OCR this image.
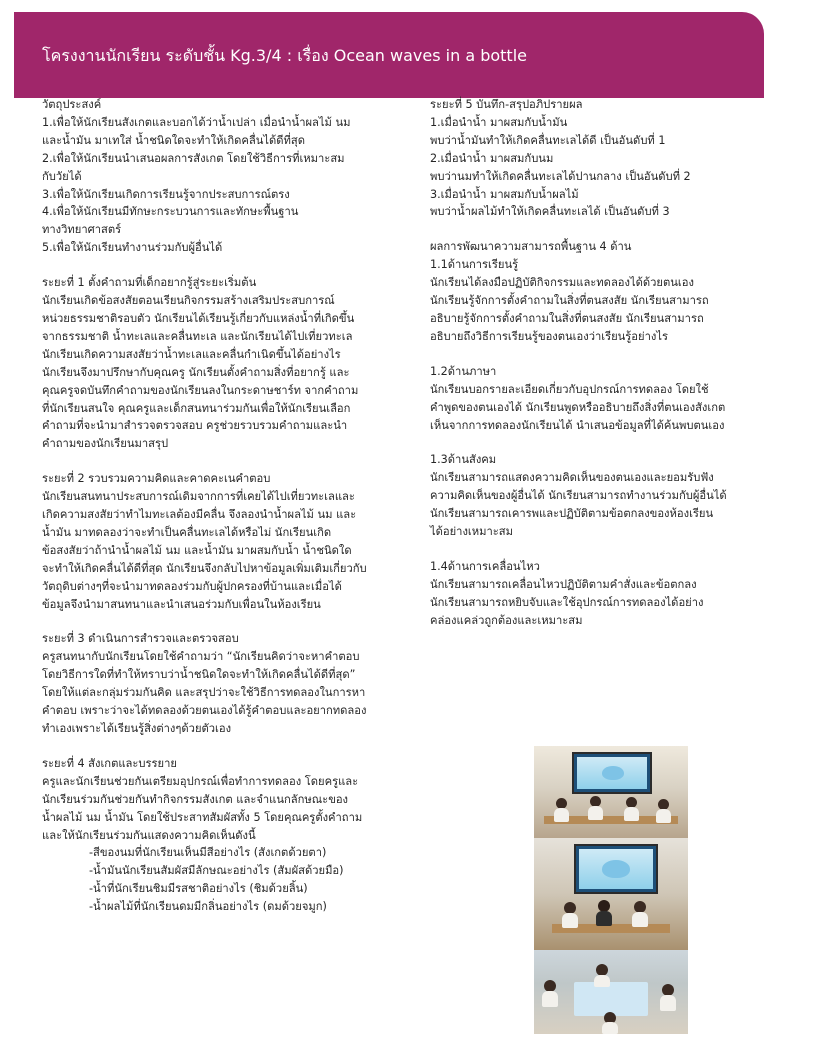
โครงงานนักเรียน ระดับชั้น Kg.3/4 : เรื่อง Ocean waves in a bottle

วัตถุประสงค์

1.เพื่อให้นักเรียนสังเกตและบอกได้ว่าน้ำเปล่า เมื่อนำน้ำผลไม้ นม

และน้ำมัน มาเทใส่ น้ำชนิดใดจะทำให้เกิดคลื่นได้ดีที่สุด

2.เพื่อให้นักเรียนนำเสนอผลการสังเกต โดยใช้วิธีการที่เหมาะสม

กับวัยได้

3.เพื่อให้นักเรียนเกิดการเรียนรู้จากประสบการณ์ตรง

4.เพื่อให้นักเรียนมีทักษะกระบวนการและทักษะพื้นฐาน

ทางวิทยาศาสตร์

5.เพื่อให้นักเรียนทำงานร่วมกับผู้อื่นได้

ระยะที่ 1 ตั้งคำถามที่เด็กอยากรู้สู่ระยะเริ่มต้น

นักเรียนเกิดข้อสงสัยตอนเรียนกิจกรรมสร้างเสริมประสบการณ์

หน่วยธรรมชาติรอบตัว นักเรียนได้เรียนรู้เกี่ยวกับแหล่งน้ำที่เกิดขึ้น

จากธรรมชาติ น้ำทะเลและคลื่นทะเล และนักเรียนได้ไปเที่ยวทะเล

นักเรียนเกิดความสงสัยว่าน้ำทะเลและคลื่นกำเนิดขึ้นได้อย่างไร

นักเรียนจึงมาปรึกษากับคุณครู นักเรียนตั้งคำถามสิ่งที่อยากรู้ และ

คุณครูจดบันทึกคำถามของนักเรียนลงในกระดาษชาร์ท จากคำถาม

ที่นักเรียนสนใจ คุณครูและเด็กสนทนาร่วมกันเพื่อให้นักเรียนเลือก

คำถามที่จะนำมาสำรวจตรวจสอบ ครูช่วยรวบรวมคำถามและนำ

คำถามของนักเรียนมาสรุป

ระยะที่ 2 รวบรวมความคิดและคาดคะเนคำตอบ

นักเรียนสนทนาประสบการณ์เดิมจากการที่เคยได้ไปเที่ยวทะเลและ

เกิดความสงสัยว่าทำไมทะเลต้องมีคลื่น จึงลองนำน้ำผลไม้ นม และ

น้ำมัน มาทดลองว่าจะทำเป็นคลื่นทะเลได้หรือไม่ นักเรียนเกิด

ข้อสงสัยว่าถ้านำน้ำผลไม้ นม และน้ำมัน มาผสมกับน้ำ น้ำชนิดใด

จะทำให้เกิดคลื่นได้ดีที่สุด นักเรียนจึงกลับไปหาข้อมูลเพิ่มเติมเกี่ยวกับ

วัตถุดิบต่างๆที่จะนำมาทดลองร่วมกับผู้ปกครองที่บ้านและเมื่อได้

ข้อมูลจึงนำมาสนทนาและนำเสนอร่วมกับเพื่อนในห้องเรียน

ระยะที่ 3 ดำเนินการสำรวจและตรวจสอบ

ครูสนทนากับนักเรียนโดยใช้คำถามว่า “นักเรียนคิดว่าจะหาคำตอบ

โดยวิธีการใดที่ทำให้ทราบว่าน้ำชนิดใดจะทำให้เกิดคลื่นได้ดีที่สุด”

โดยให้แต่ละกลุ่มร่วมกันคิด และสรุปว่าจะใช้วิธีการทดลองในการหา

คำตอบ เพราะว่าจะได้ทดลองด้วยตนเองได้รู้คำตอบและอยากทดลอง

ทำเองเพราะได้เรียนรู้สิ่งต่างๆด้วยตัวเอง

ระยะที่ 4 สังเกตและบรรยาย

ครูและนักเรียนช่วยกันเตรียมอุปกรณ์เพื่อทำการทดลอง โดยครูและ

นักเรียนร่วมกันช่วยกันทำกิจกรรมสังเกต และจำแนกลักษณะของ

น้ำผลไม้ นม น้ำมัน โดยใช้ประสาทสัมผัสทั้ง 5 โดยคุณครูตั้งคำถาม

และให้นักเรียนร่วมกันแสดงความคิดเห็นดังนี้

-สีของนมที่นักเรียนเห็นมีสีอย่างไร (สังเกตด้วยตา)

-น้ำมันนักเรียนสัมผัสมีลักษณะอย่างไร (สัมผัสด้วยมือ)

-น้ำที่นักเรียนชิมมีรสชาติอย่างไร (ชิมด้วยลิ้น)

-น้ำผลไม้ที่นักเรียนดมมีกลิ่นอย่างไร (ดมด้วยจมูก)

ระยะที่ 5 บันทึก-สรุปอภิปรายผล

1.เมื่อนำน้ำ มาผสมกับน้ำมัน

พบว่าน้ำมันทำให้เกิดคลื่นทะเลได้ดี เป็นอันดับที่ 1

2.เมื่อนำน้ำ มาผสมกับนม

พบว่านมทำให้เกิดคลื่นทะเลได้ปานกลาง เป็นอันดับที่ 2

3.เมื่อนำน้ำ มาผสมกับน้ำผลไม้

พบว่าน้ำผลไม้ทำให้เกิดคลื่นทะเลได้ เป็นอันดับที่ 3

ผลการพัฒนาความสามารถพื้นฐาน 4 ด้าน

1.1ด้านการเรียนรู้

นักเรียนได้ลงมือปฏิบัติกิจกรรมและทดลองได้ด้วยตนเอง

นักเรียนรู้จักการตั้งคำถามในสิ่งที่ตนสงสัย นักเรียนสามารถ

อธิบายรู้จักการตั้งคำถามในสิ่งที่ตนสงสัย นักเรียนสามารถ

อธิบายถึงวิธีการเรียนรู้ของตนเองว่าเรียนรู้อย่างไร

1.2ด้านภาษา

นักเรียนบอกรายละเอียดเกี่ยวกับอุปกรณ์การทดลอง โดยใช้

คำพูดของตนเองได้ นักเรียนพูดหรืออธิบายถึงสิ่งที่ตนเองสังเกต

เห็นจากการทดลองนักเรียนได้ นำเสนอข้อมูลที่ได้ค้นพบตนเอง

1.3ด้านสังคม

นักเรียนสามารถแสดงความคิดเห็นของตนเองและยอมรับฟัง

ความคิดเห็นของผู้อื่นได้ นักเรียนสามารถทำงานร่วมกับผู้อื่นได้

นักเรียนสามารถเคารพและปฏิบัติตามข้อตกลงของห้องเรียน

ได้อย่างเหมาะสม

1.4ด้านการเคลื่อนไหว

นักเรียนสามารถเคลื่อนไหวปฏิบัติตามคำสั่งและข้อตกลง

นักเรียนสามารถหยิบจับและใช้อุปกรณ์การทดลองได้อย่าง

คล่องแคล่วถูกต้องและเหมาะสม
